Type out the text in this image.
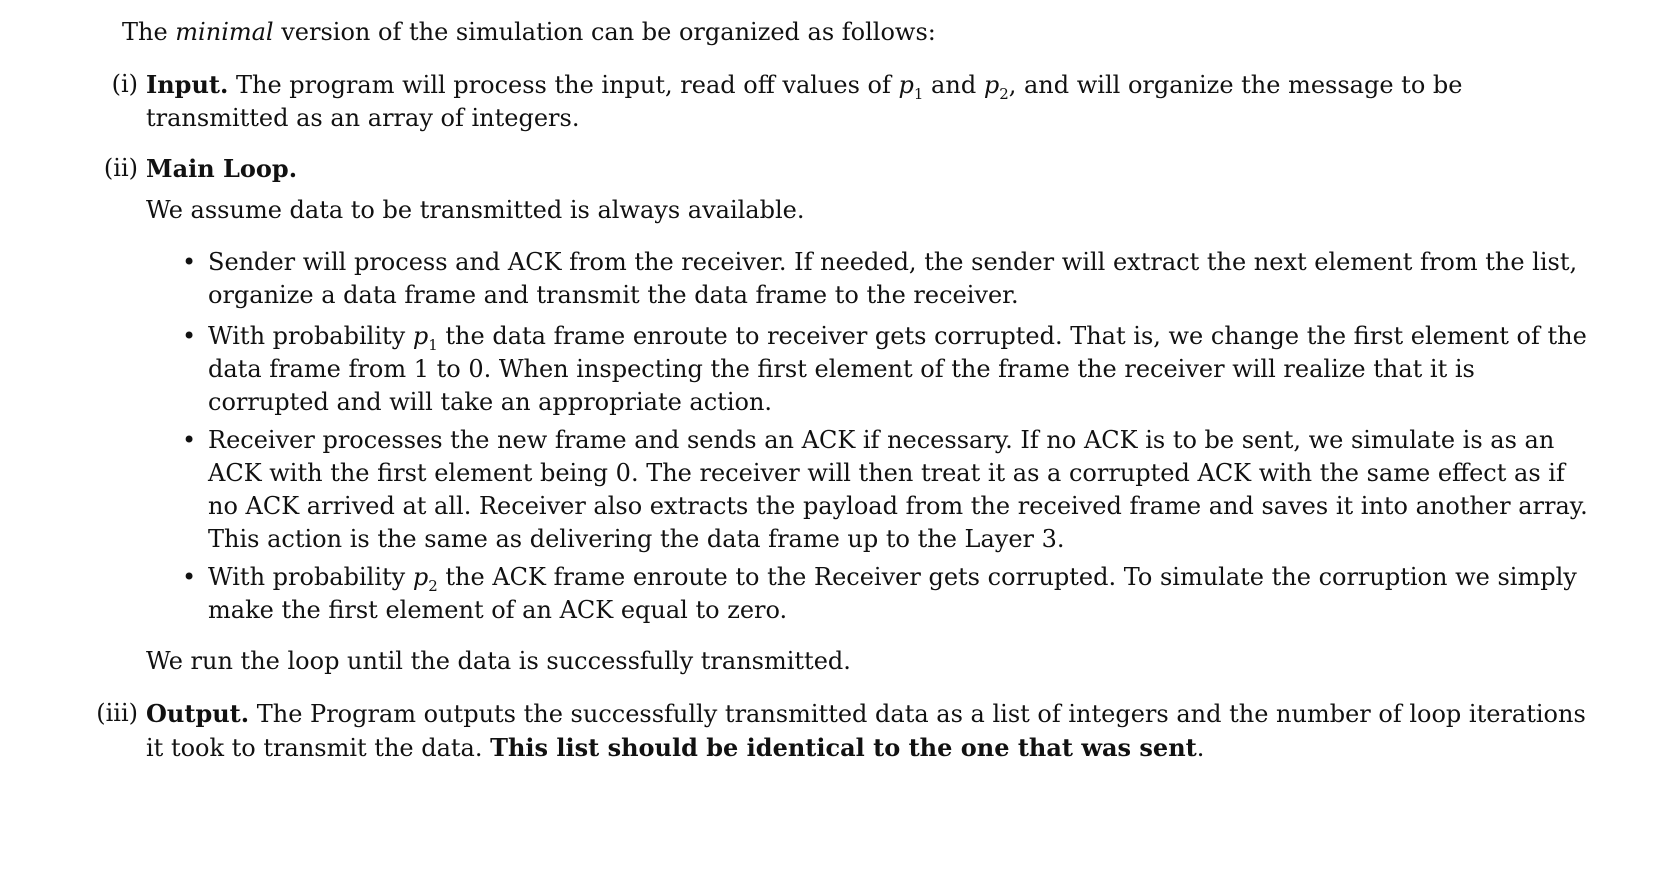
The minimal version of the simulation can be organized as follows:
(i) Input. The program will process the input, read off values of $p_1$ and $p_2$, and will organize the message to be transmitted as an array of integers.
(ii) Main Loop.
We assume data to be transmitted is always available.
• Sender will process and ACK from the receiver. If needed, the sender will extract the next element from the list, organize a data frame and transmit the data frame to the receiver.
• With probability $p_1$ the data frame enroute to receiver gets corrupted. That is, we change the first element of the data frame from 1 to 0. When inspecting the first element of the frame the receiver will realize that it is corrupted and will take an appropriate action.
• Receiver processes the new frame and sends an ACK if necessary. If no ACK is to be sent, we simulate is as an ACK with the first element being 0. The receiver will then treat it as a corrupted ACK with the same effect as if no ACK arrived at all. Receiver also extracts the payload from the received frame and saves it into another array. This action is the same as delivering the data frame up to the Layer 3.
• With probability $p_2$ the ACK frame enroute to the Receiver gets corrupted. To simulate the corruption we simply make the first element of an ACK equal to zero.
We run the loop until the data is successfully transmitted.
(iii) Output. The Program outputs the successfully transmitted data as a list of integers and the number of loop iterations it took to transmit the data. This list should be identical to the one that was sent.
